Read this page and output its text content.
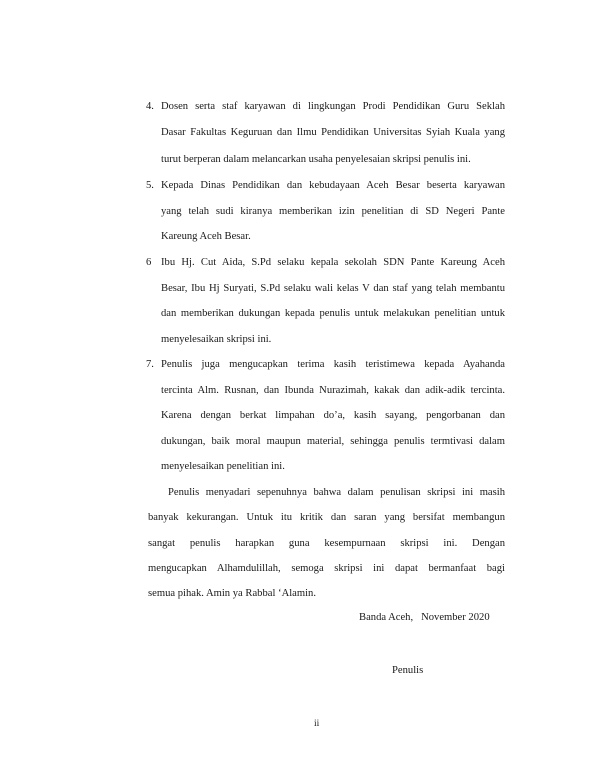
4. Dosen serta staf karyawan di lingkungan Prodi Pendidikan Guru Seklah
Dasar Fakultas Keguruan dan Ilmu Pendidikan Universitas Syiah Kuala yang
turut berperan dalam melancarkan usaha penyelesaian skripsi penulis ini.
5. Kepada Dinas Pendidikan dan kebudayaan Aceh Besar beserta karyawan
yang telah sudi kiranya memberikan izin penelitian di SD Negeri Pante
Kareung Aceh Besar.
6 Ibu Hj. Cut Aida, S.Pd selaku kepala sekolah SDN Pante Kareung Aceh
Besar, Ibu Hj Suryati, S.Pd selaku wali kelas V dan staf yang telah membantu
dan memberikan dukungan kepada penulis untuk melakukan penelitian untuk
menyelesaikan skripsi ini.
7. Penulis juga mengucapkan terima kasih teristimewa kepada Ayahanda
tercinta Alm. Rusnan, dan Ibunda Nurazimah, kakak dan adik-adik tercinta.
Karena dengan berkat limpahan do’a, kasih sayang, pengorbanan dan
dukungan, baik moral maupun material, sehingga penulis termtivasi dalam
menyelesaikan penelitian ini.
Penulis menyadari sepenuhnya bahwa dalam penulisan skripsi ini masih
banyak kekurangan. Untuk itu kritik dan saran yang bersifat membangun
sangat penulis harapkan guna kesempurnaan skripsi ini. Dengan
mengucapkan Alhamdulillah, semoga skripsi ini dapat bermanfaat bagi
semua pihak. Amin ya Rabbal ‘Alamin.
Banda Aceh,   November 2020
Penulis
ii
